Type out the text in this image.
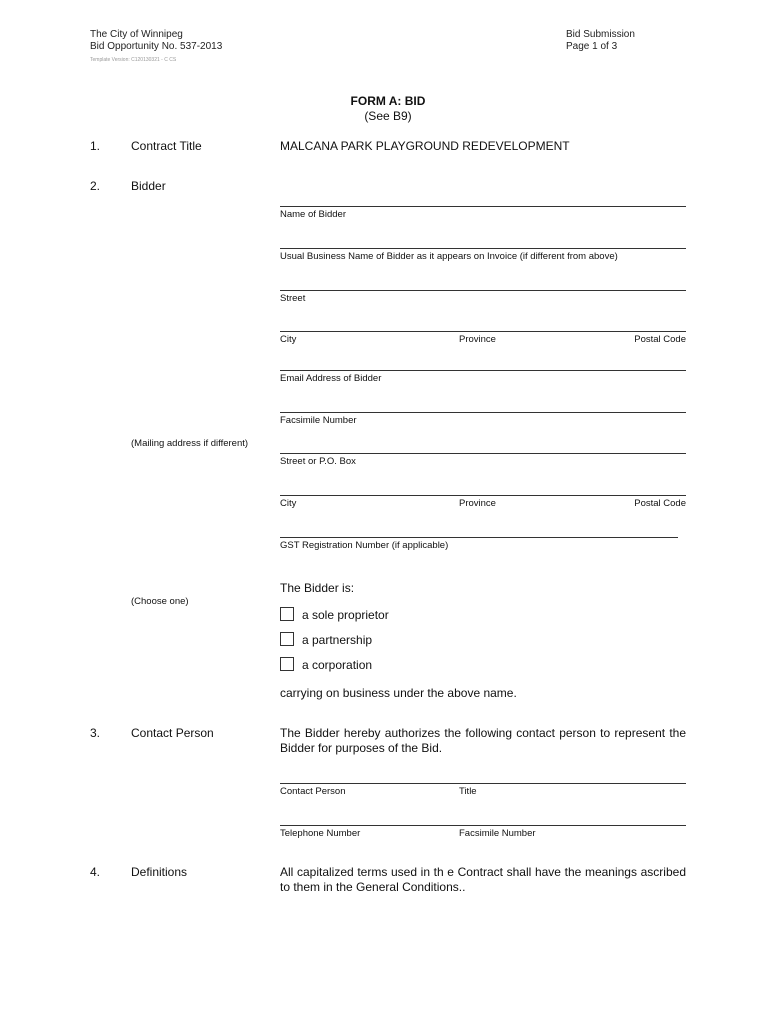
The City of Winnipeg
Bid Opportunity No. 537-2013
Template Version: C120130321 - C CS
Bid Submission
Page 1 of 3
FORM A: BID
(See B9)
1.	Contract Title	MALCANA PARK PLAYGROUND REDEVELOPMENT
2.	Bidder
Name of Bidder
Usual Business Name of Bidder as it appears on Invoice (if different from above)
Street
City	Province	Postal Code
Email Address of Bidder
Facsimile Number
(Mailing address if different)
Street or P.O. Box
City	Province	Postal Code
GST Registration Number (if applicable)
The Bidder is:
(Choose one)
a sole proprietor
a partnership
a corporation
carrying on business under the above name.
3.	Contact Person	The Bidder hereby authorizes the following contact person to represent the Bidder for purposes of the Bid.
Contact Person	Title
Telephone Number	Facsimile Number
4.	Definitions	All capitalized terms used in th e Contract shall have the meanings ascribed to them in the General Conditions..
